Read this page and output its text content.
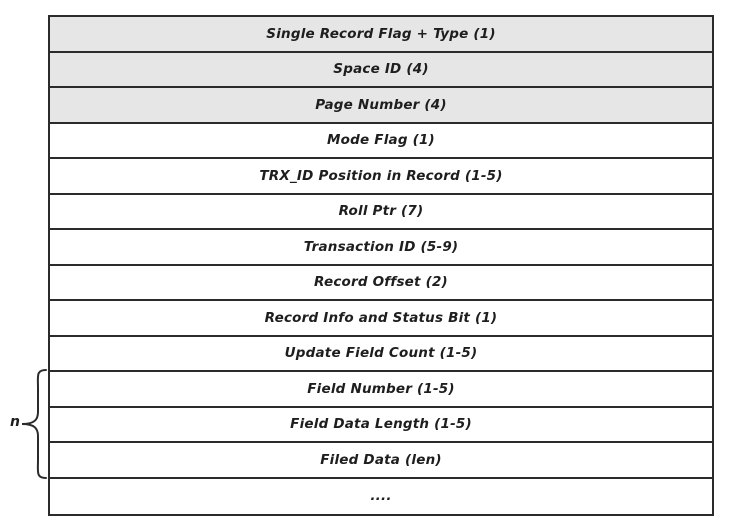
Single Record Flag + Type (1)
Space ID (4)
Page Number (4)
Mode Flag (1)
TRX_ID Position in Record (1-5)
Roll Ptr (7)
Transaction ID (5-9)
Record Offset (2)
Record Info and Status Bit (1)
Update Field Count (1-5)
Field Number (1-5)
Field Data Length (1-5)
Filed Data (len)
....
n
